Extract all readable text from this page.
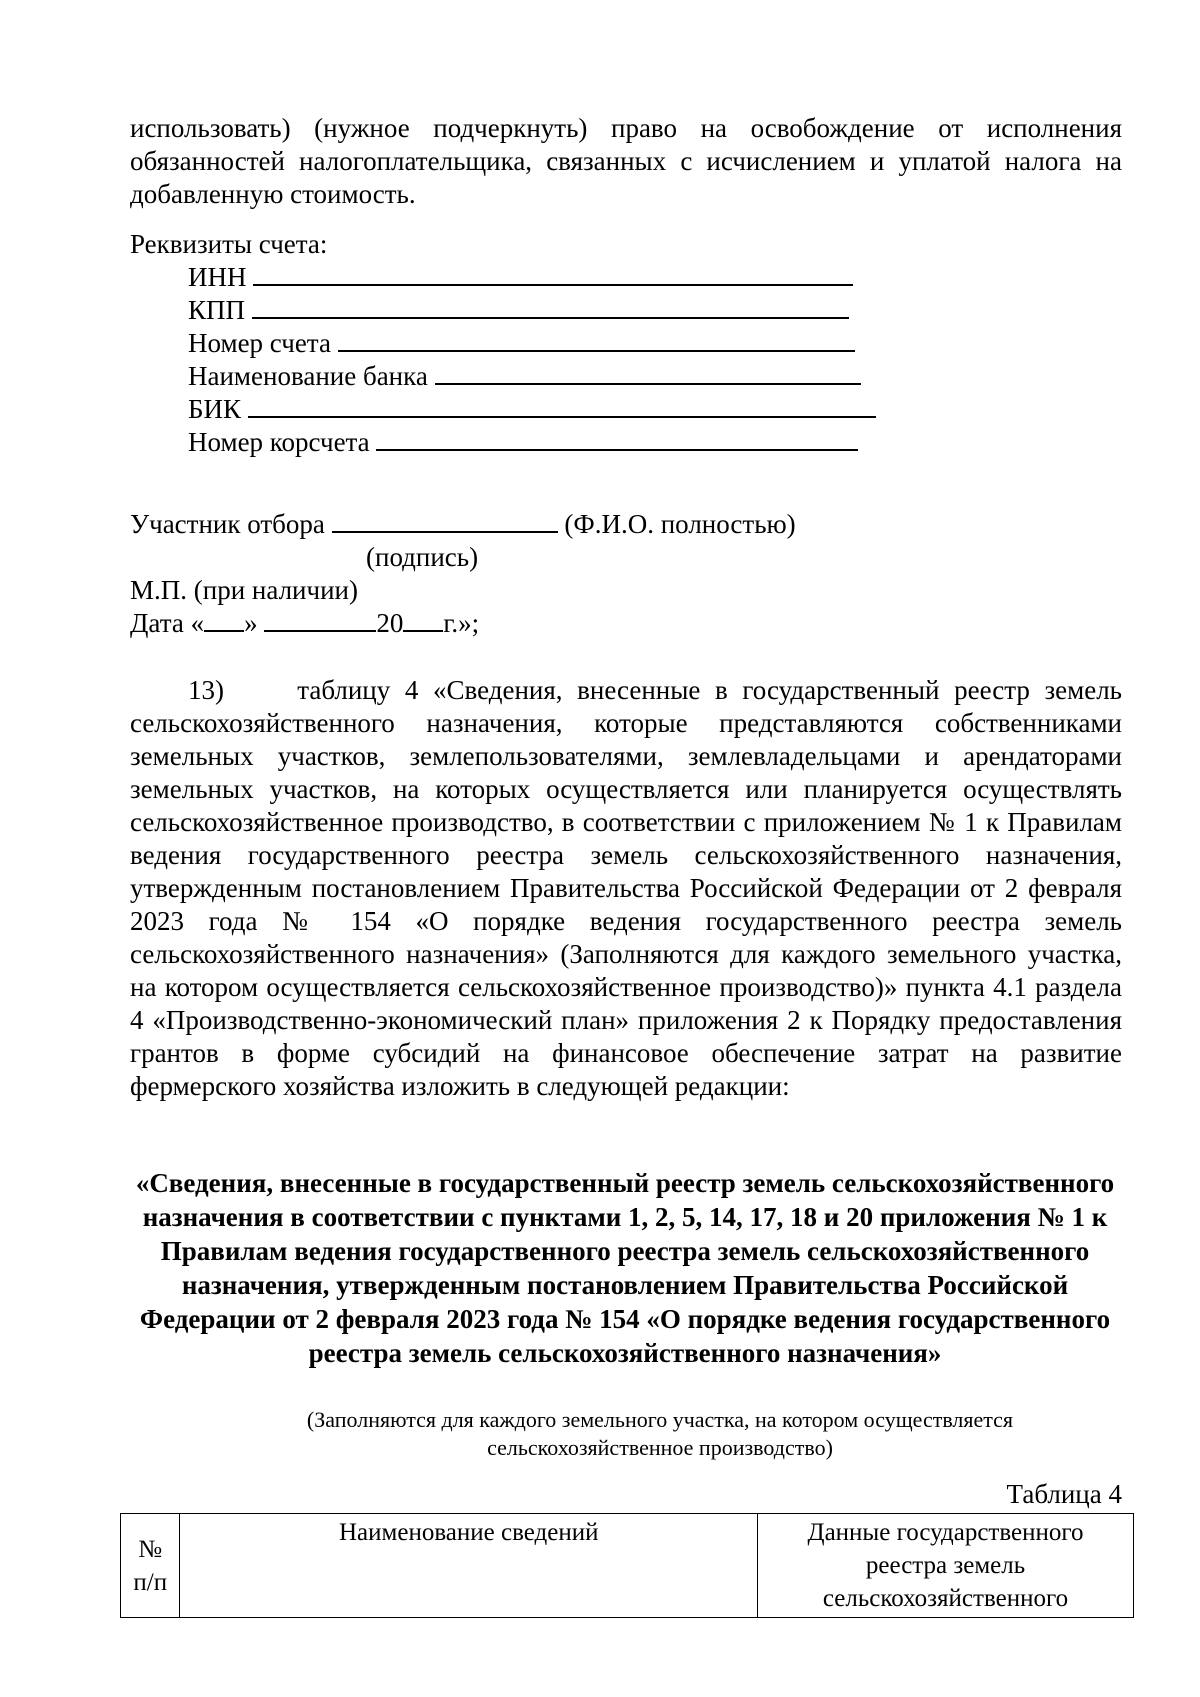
использовать) (нужное подчеркнуть) право на освобождение от исполнения обязанностей налогоплательщика, связанных с исчислением и уплатой налога на добавленную стоимость.
Реквизиты счета:
ИНН
КПП
Номер счета
Наименование банка
БИК
Номер корсчета
Участник отбора	(Ф.И.О. полностью)
(подпись)
М.П. (при наличии)
Дата « »	20 г.»;
13)	таблицу 4 «Сведения, внесенные в государственный реестр земель сельскохозяйственного назначения, которые представляются собственниками земельных участков, землепользователями, землевладельцами и арендаторами земельных участков, на которых осуществляется или планируется осуществлять сельскохозяйственное производство, в соответствии с приложением № 1 к Правилам ведения государственного реестра земель сельскохозяйственного назначения, утвержденным постановлением Правительства Российской Федерации от 2 февраля 2023 года № 154 «О порядке ведения государственного реестра земель сельскохозяйственного назначения» (Заполняются для каждого земельного участка, на котором осуществляется сельскохозяйственное производство)» пункта 4.1 раздела 4 «Производственно-экономический план» приложения 2 к Порядку предоставления грантов в форме субсидий на финансовое обеспечение затрат на развитие фермерского хозяйства изложить в следующей редакции:
«Сведения, внесенные в государственный реестр земель сельскохозяйственного назначения в соответствии с пунктами 1, 2, 5, 14, 17, 18 и 20 приложения № 1 к Правилам ведения государственного реестра земель сельскохозяйственного назначения, утвержденным постановлением Правительства Российской Федерации от 2 февраля 2023 года № 154 «О порядке ведения государственного реестра земель сельскохозяйственного назначения»
(Заполняются для каждого земельного участка, на котором осуществляется сельскохозяйственное производство)
Таблица 4
№ п/п	Наименование сведений	Данные государственного реестра земель сельскохозяйственного
